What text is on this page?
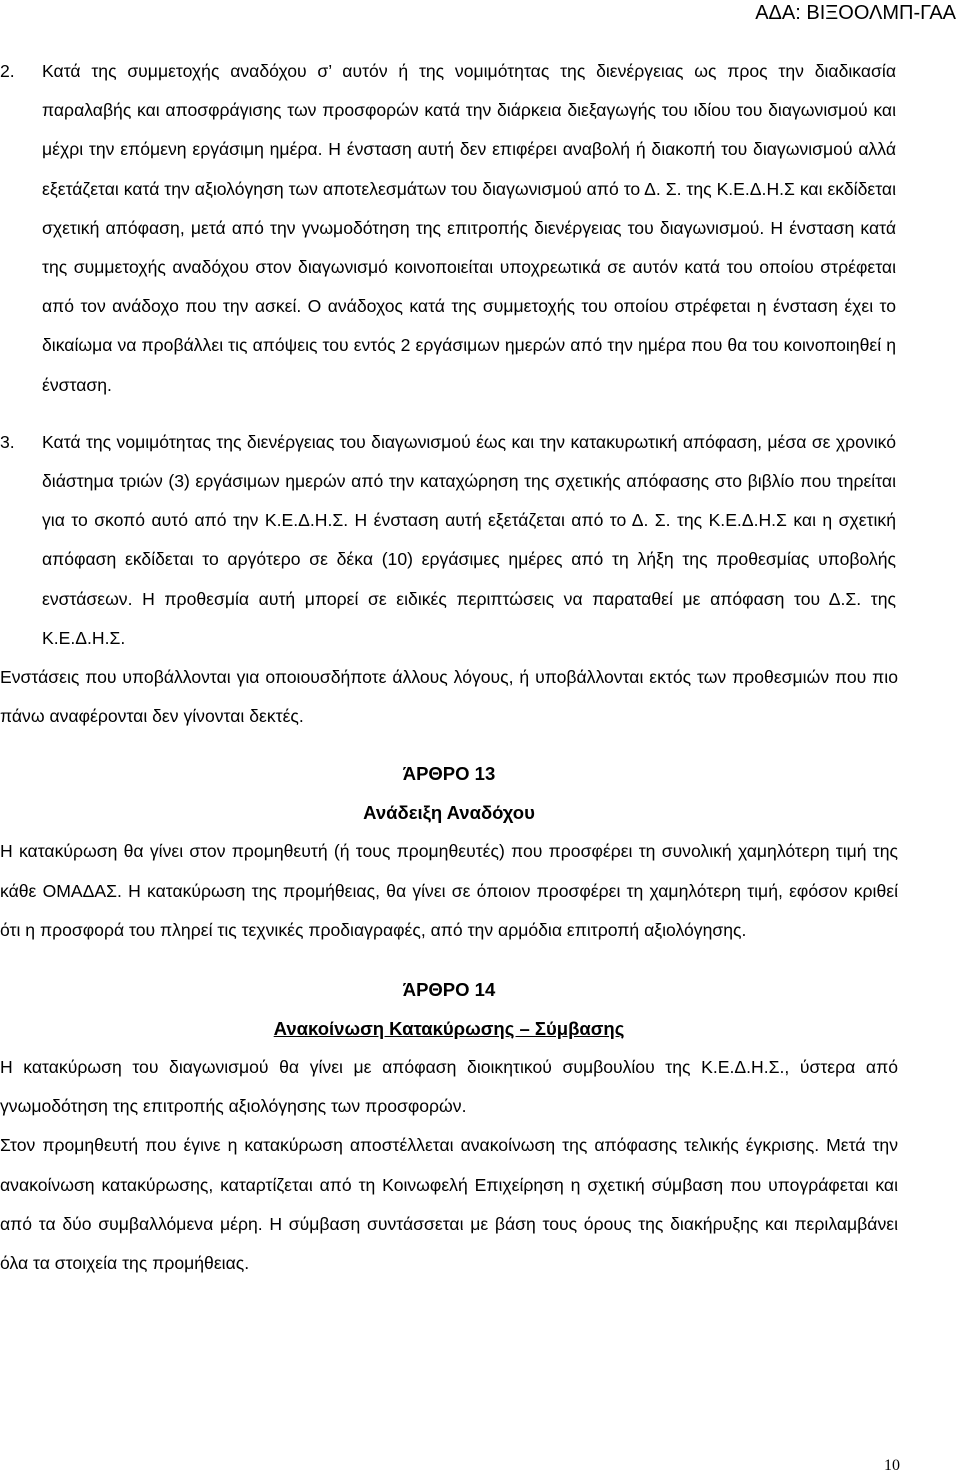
ΑΔΑ: ΒΙΞΟΟΛΜΠ-ΓΑΑ
2.	Κατά της συμμετοχής αναδόχου σ’ αυτόν ή της νομιμότητας της διενέργειας ως προς την διαδικασία παραλαβής και αποσφράγισης των προσφορών κατά την διάρκεια διεξαγωγής του ιδίου του διαγωνισμού και μέχρι την επόμενη εργάσιμη ημέρα. Η ένσταση αυτή δεν επιφέρει αναβολή ή διακοπή του διαγωνισμού αλλά εξετάζεται κατά την αξιολόγηση των αποτελεσμάτων του διαγωνισμού από το Δ. Σ. της Κ.Ε.Δ.Η.Σ και εκδίδεται σχετική απόφαση, μετά από την γνωμοδότηση της επιτροπής διενέργειας του διαγωνισμού. Η ένσταση κατά της συμμετοχής αναδόχου στον διαγωνισμό κοινοποιείται υποχρεωτικά σε αυτόν κατά του οποίου στρέφεται από τον ανάδοχο που την ασκεί. Ο ανάδοχος κατά της συμμετοχής του οποίου στρέφεται η ένσταση έχει το δικαίωμα να προβάλλει τις απόψεις του εντός 2 εργάσιμων ημερών από την ημέρα που θα του κοινοποιηθεί η ένσταση.
3.	Κατά της νομιμότητας της διενέργειας του διαγωνισμού έως και την κατακυρωτική απόφαση, μέσα σε χρονικό διάστημα τριών (3) εργάσιμων ημερών από την καταχώρηση της σχετικής απόφασης στο βιβλίο που τηρείται για το σκοπό αυτό από την Κ.Ε.Δ.Η.Σ. Η ένσταση αυτή εξετάζεται από το Δ. Σ. της Κ.Ε.Δ.Η.Σ και η σχετική απόφαση εκδίδεται το αργότερο σε δέκα (10) εργάσιμες ημέρες από τη λήξη της προθεσμίας υποβολής ενστάσεων. Η προθεσμία αυτή μπορεί σε ειδικές περιπτώσεις να παραταθεί με απόφαση του Δ.Σ. της Κ.Ε.Δ.Η.Σ.

Ενστάσεις που υποβάλλονται για οποιουσδήποτε άλλους λόγους, ή υποβάλλονται εκτός των προθεσμιών που πιο πάνω αναφέρονται δεν γίνονται δεκτές.

ΆΡΘΡΟ 13

Ανάδειξη Αναδόχου

Η κατακύρωση θα γίνει στον προμηθευτή (ή τους προμηθευτές) που προσφέρει τη συνολική χαμηλότερη τιμή της κάθε ΟΜΑΔΑΣ. Η κατακύρωση της προμήθειας, θα γίνει σε όποιον προσφέρει τη χαμηλότερη τιμή, εφόσον κριθεί ότι η προσφορά του πληρεί τις τεχνικές προδιαγραφές, από την αρμόδια επιτροπή αξιολόγησης.

ΆΡΘΡΟ 14

Ανακοίνωση Κατακύρωσης – Σύμβασης

Η κατακύρωση του διαγωνισμού θα γίνει με απόφαση διοικητικού συμβουλίου της Κ.Ε.Δ.Η.Σ., ύστερα από γνωμοδότηση της επιτροπής αξιολόγησης των προσφορών.

Στον προμηθευτή που έγινε η κατακύρωση αποστέλλεται ανακοίνωση της απόφασης τελικής έγκρισης. Μετά την ανακοίνωση κατακύρωσης, καταρτίζεται από τη Κοινωφελή Επιχείρηση η σχετική σύμβαση που υπογράφεται και από τα δύο συμβαλλόμενα μέρη. Η σύμβαση συντάσσεται με βάση τους όρους της διακήρυξης και περιλαμβάνει όλα τα στοιχεία της προμήθειας.

10
